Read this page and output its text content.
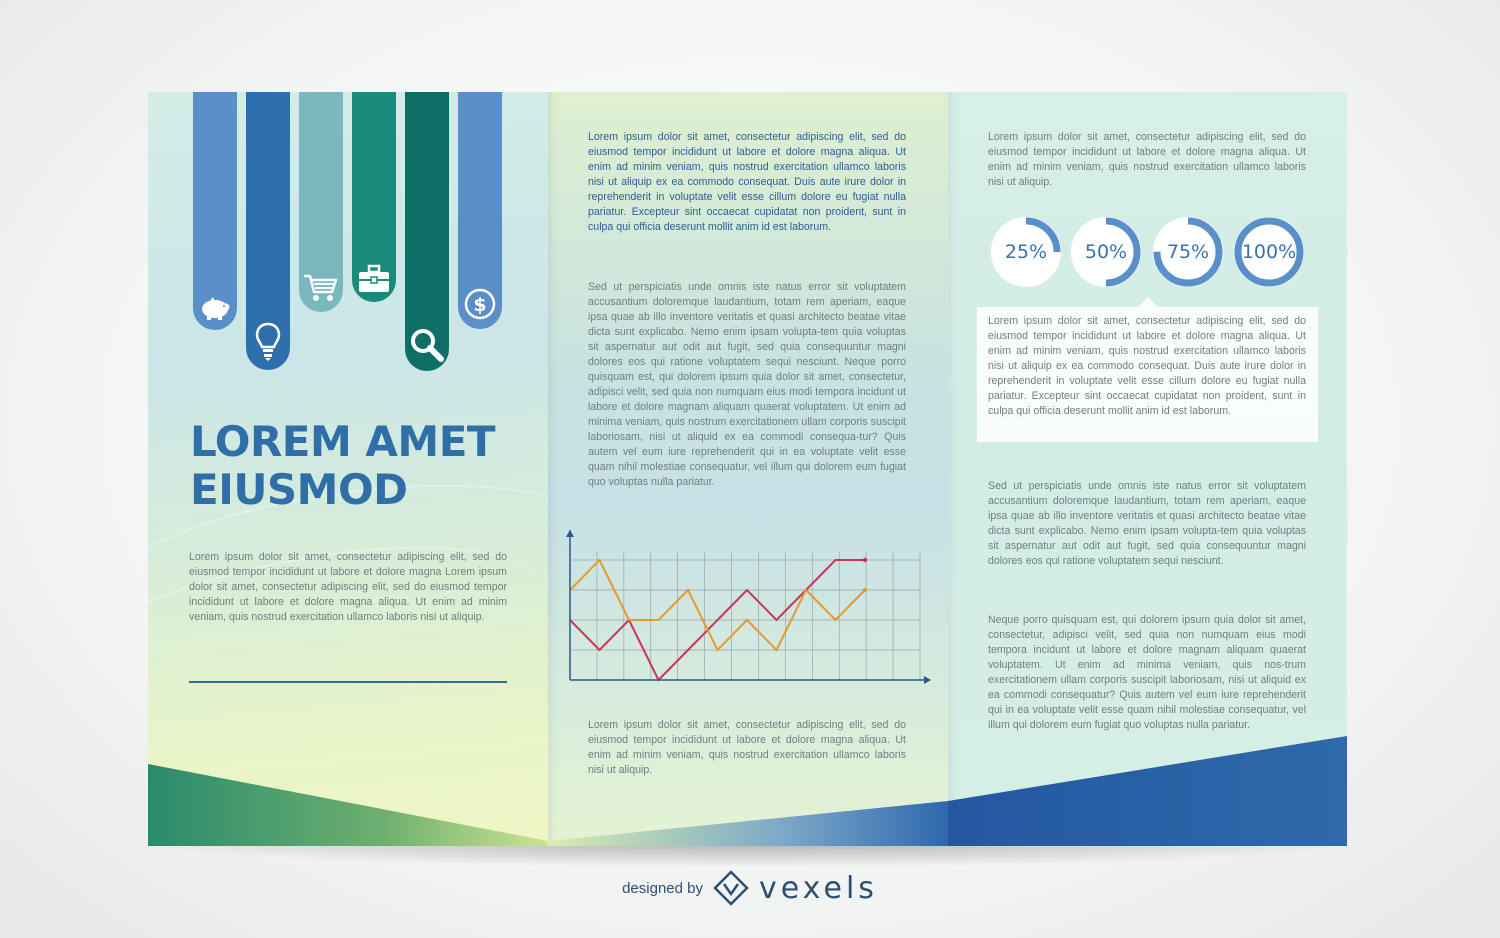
$
LOREM AMET
EIUSMOD
Lorem ipsum dolor sit amet, consectetur adipiscing elit, sed do eiusmod tempor incididunt ut labore et dolore magna Lorem ipsum dolor sit amet, consectetur adipiscing elit, sed do eiusmod tempor incididunt ut labore et dolore magna aliqua. Ut enim ad minim veniam, quis nostrud exercitation ullamco laboris nisi ut aliquip.
Lorem ipsum dolor sit amet, consectetur adipiscing elit, sed do eiusmod tempor incididunt ut labore et dolore magna aliqua. Ut enim ad minim veniam, quis nostrud exercitation ullamco laboris nisi ut aliquip ex ea commodo consequat. Duis aute irure dolor in reprehenderit in voluptate velit esse cillum dolore eu fugiat nulla pariatur. Excepteur sint occaecat cupidatat non proident, sunt in culpa qui officia deserunt mollit anim id est laborum.
Sed ut perspiciatis unde omnis iste natus error sit voluptatem accusantium doloremque laudantium, totam rem aperiam, eaque ipsa quae ab illo inventore veritatis et quasi architecto beatae vitae dicta sunt explicabo. Nemo enim ipsam volupta-tem quia voluptas sit aspernatur aut odit aut fugit, sed quia consequuntur magni dolores eos qui ratione voluptatem sequi nesciunt. Neque porro quisquam est, qui dolorem ipsum quia dolor sit amet, consectetur, adipisci velit, sed quia non numquam eius modi tempora incidunt ut labore et dolore magnam aliquam quaerat voluptatem. Ut enim ad minima veniam, quis nostrum exercitationem ullam corporis suscipit laboriosam, nisi ut aliquid ex ea commodi consequa-tur? Quis autem vel eum iure reprehenderit qui in ea voluptate velit esse quam nihil molestiae consequatur, vel illum qui dolorem eum fugiat quo voluptas nulla pariatur.
Lorem ipsum dolor sit amet, consectetur adipiscing elit, sed do eiusmod tempor incididunt ut labore et dolore magna aliqua. Ut enim ad minim veniam, quis nostrud exercitation ullamco laboris nisi ut aliquip.
Lorem ipsum dolor sit amet, consectetur adipiscing elit, sed do eiusmod tempor incididunt ut labore et dolore magna aliqua. Ut enim ad minim veniam, quis nostrud exercitation ullamco laboris nisi ut aliquip.
Sed ut perspiciatis unde omnis iste natus error sit voluptatem accusantium doloremque laudantium, totam rem aperiam, eaque ipsa quae ab illo inventore veritatis et quasi architecto beatae vitae dicta sunt explicabo. Nemo enim ipsam volupta-tem quia voluptas sit aspernatur aut odit aut fugit, sed quia consequuntur magni dolores eos qui ratione voluptatem sequi nesciunt.
Neque porro quisquam est, qui dolorem ipsum quia dolor sit amet, consectetur, adipisci velit, sed quia non numquam eius modi tempora incidunt ut labore et dolore magnam aliquam quaerat voluptatem. Ut enim ad minima veniam, quis nos-trum exercitationem ullam corporis suscipit laboriosam, nisi ut aliquid ex ea commodi consequatur? Quis autem vel eum iure reprehenderit qui in ea voluptate velit esse quam nihil molestiae consequatur, vel illum qui dolorem eum fugiat quo voluptas nulla pariatur.
Lorem ipsum dolor sit amet, consectetur adipiscing elit, sed do eiusmod tempor incididunt ut labore et dolore magna aliqua. Ut enim ad minim veniam, quis nostrud exercitation ullamco laboris nisi ut aliquip ex ea commodo consequat. Duis aute irure dolor in reprehenderit in voluptate velit esse cillum dolore eu fugiat nulla pariatur. Excepteur sint occaecat cupidatat non proident, sunt in culpa qui officia deserunt mollit anim id est laborum.
25%	50%	75%	100%
designed by vexels
